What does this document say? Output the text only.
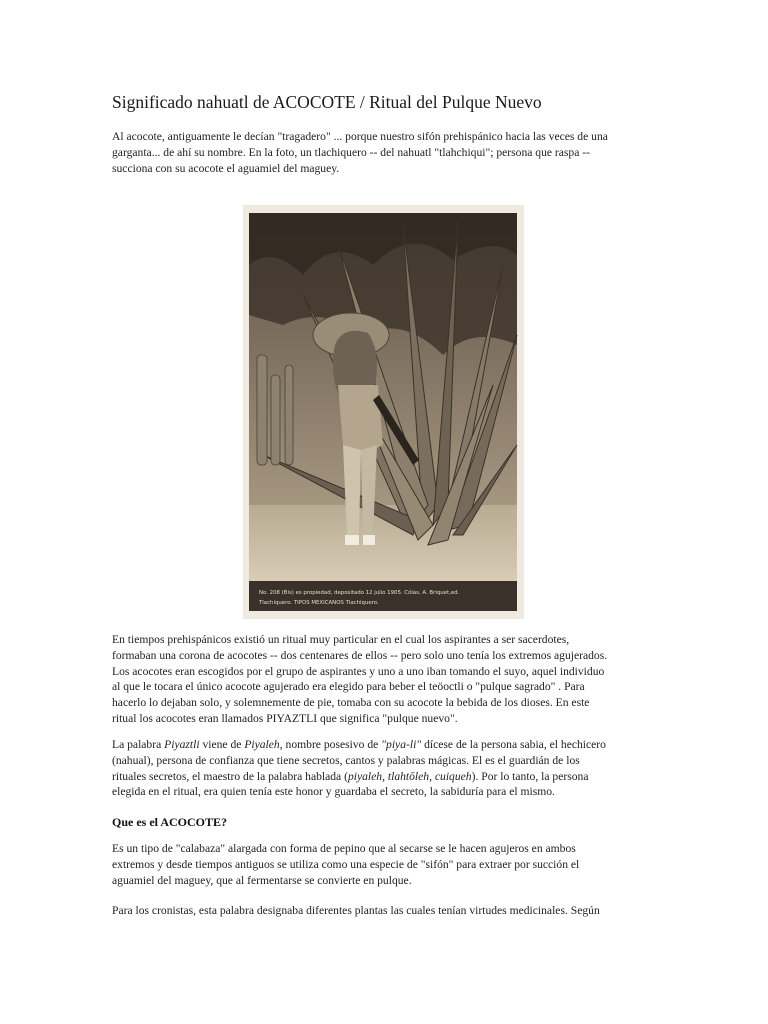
Significado nahuatl de ACOCOTE / Ritual del Pulque Nuevo

Al acocote, antiguamente le decían "tragadero" ... porque nuestro sifón prehispánico hacia las veces de una
garganta... de ahí su nombre. En la foto, un tlachiquero -- del nahuatl "tlahchiqui"; persona que raspa --
succiona con su acocote el aguamiel del maguey.

En tiempos prehispánicos existió un ritual muy particular en el cual los aspirantes a ser sacerdotes,
formaban una corona de acocotes -- dos centenares de ellos -- pero solo uno tenía los extremos agujerados.
Los acocotes eran escogidos por el grupo de aspirantes y uno a uno iban tomando el suyo, aquel individuo
al que le tocara el único acocote agujerado era elegido para beber el teöoctli o "pulque sagrado" . Para
hacerlo lo dejaban solo, y solemnemente de pie, tomaba con su acocote la bebida de los dioses. En este
ritual los acocotes eran llamados PIYAZTLI que significa "pulque nuevo".

La palabra Piyaztli viene de Piyaleh, nombre posesivo de "piya-li" dícese de la persona sabia, el hechicero
(nahual), persona de confianza que tiene secretos, cantos y palabras mágicas. El es el guardián de los
rituales secretos, el maestro de la palabra hablada (piyaleh, tlahtōleh, cuiqueh). Por lo tanto, la persona
elegida en el ritual, era quien tenía este honor y guardaba el secreto, la sabiduría para el mismo.

Que es el ACOCOTE?

Es un tipo de "calabaza" alargada con forma de pepino que al secarse se le hacen agujeros en ambos
extremos y desde tiempos antiguos se utiliza como una especie de "sifón" para extraer por succión el
aguamiel del maguey, que al fermentarse se convierte en pulque.

Para los cronistas, esta palabra designaba diferentes plantas las cuales tenían virtudes medicinales. Según

No. 208 (Bis) es propiedad, depositado 12 julio 1905. Cólas, A. Briquet,ed.
Tlachiquero. TIPOS MEXICANOS Tlachiquero.
